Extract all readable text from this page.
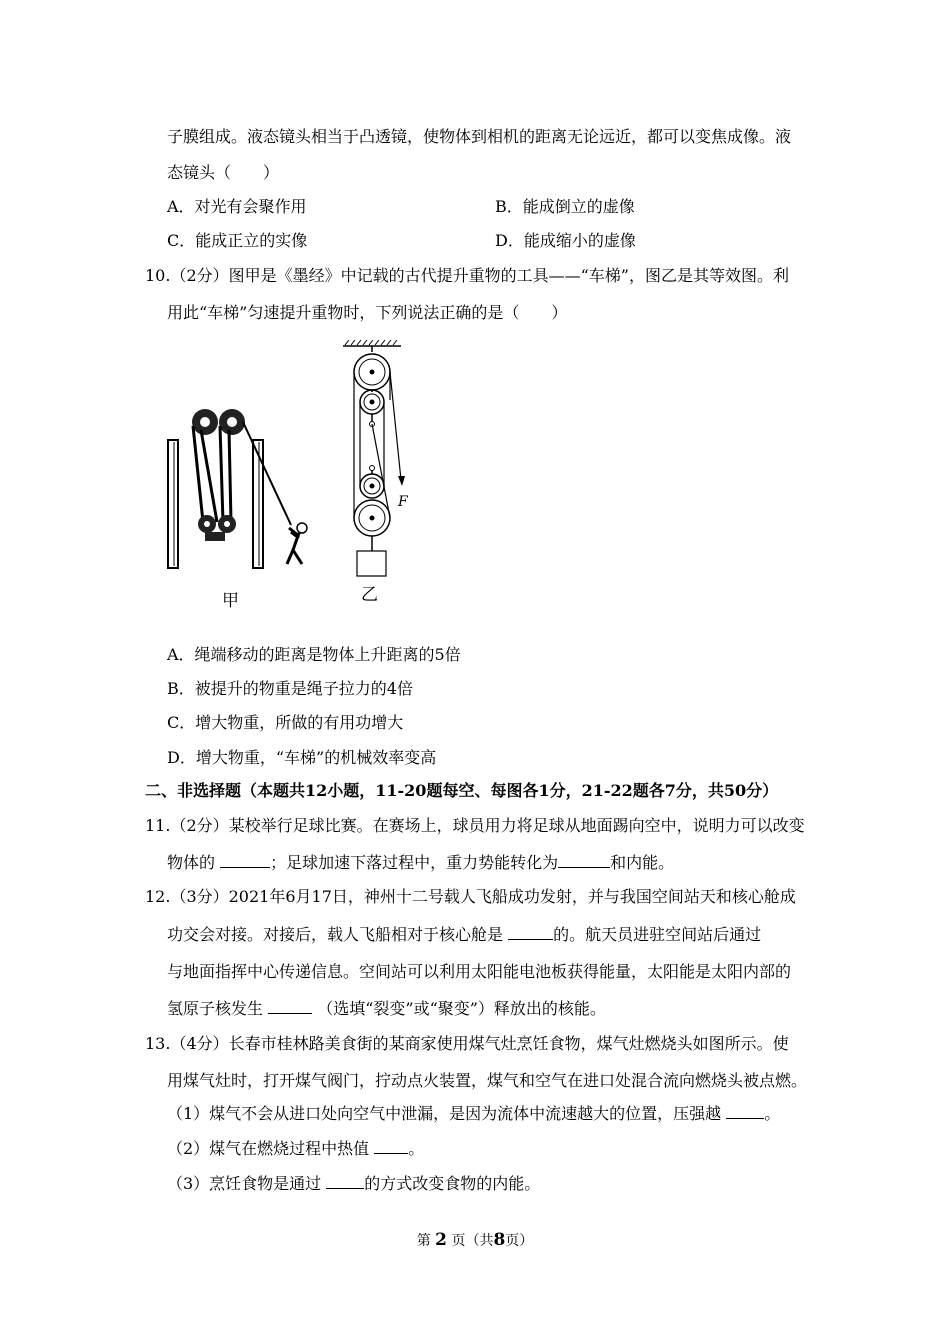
子膜组成。液态镜头相当于凸透镜，使物体到相机的距离无论远近，都可以变焦成像。液
态镜头（　　）
A．对光有会聚作用	B．能成倒立的虚像
C．能成正立的实像	D．能成缩小的虚像
10.（2分）图甲是《墨经》中记载的古代提升重物的工具——“车梯”，图乙是其等效图。利
用此“车梯”匀速提升重物时，下列说法正确的是（　　）
F
甲	乙
A．绳端移动的距离是物体上升距离的5倍
B．被提升的物重是绳子拉力的4倍
C．增大物重，所做的有用功增大
D．增大物重，“车梯”的机械效率变高
二、非选择题（本题共12小题，11-20题每空、每图各1分，21-22题各7分，共50分）
11.（2分）某校举行足球比赛。在赛场上，球员用力将足球从地面踢向空中，说明力可以改变
物体的	；足球加速下落过程中，重力势能转化为	和内能。
12.（3分）2021年6月17日，神州十二号载人飞船成功发射，并与我国空间站天和核心舱成
功交会对接。对接后，载人飞船相对于核心舱是	的。航天员进驻空间站后通过
与地面指挥中心传递信息。空间站可以利用太阳能电池板获得能量，太阳能是太阳内部的
氢原子核发生	（选填“裂变”或“聚变”）释放出的核能。
13.（4分）长春市桂林路美食街的某商家使用煤气灶烹饪食物，煤气灶燃烧头如图所示。使
用煤气灶时，打开煤气阀门，拧动点火装置，煤气和空气在进口处混合流向燃烧头被点燃。
（1）煤气不会从进口处向空气中泄漏，是因为流体中流速越大的位置，压强越	。
（2）煤气在燃烧过程中热值 。
（3）烹饪食物是通过	的方式改变食物的内能。
第 2 页（共8页）
